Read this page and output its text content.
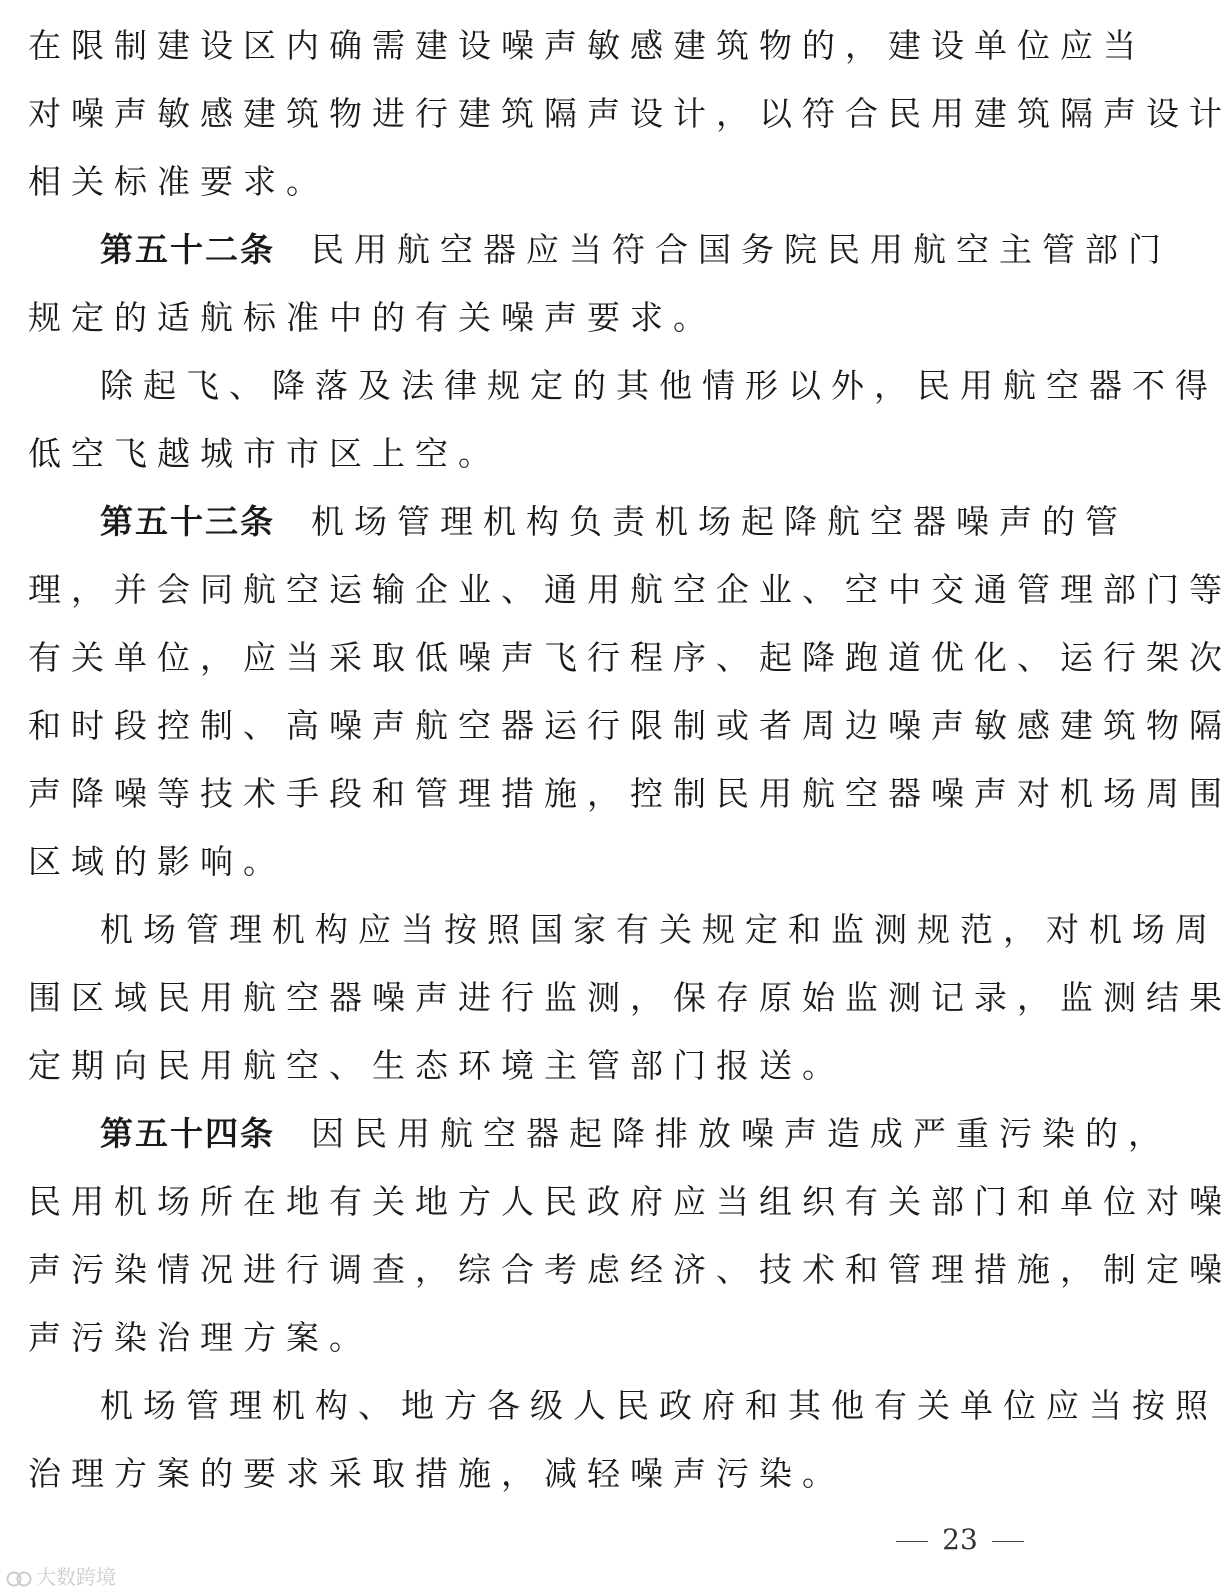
在限制建设区内确需建设噪声敏感建筑物的，建设单位应当
对噪声敏感建筑物进行建筑隔声设计，以符合民用建筑隔声设计
相关标准要求。
第五十二条 民用航空器应当符合国务院民用航空主管部门
规定的适航标准中的有关噪声要求。
除起飞、降落及法律规定的其他情形以外，民用航空器不得
低空飞越城市市区上空。
第五十三条 机场管理机构负责机场起降航空器噪声的管
理，并会同航空运输企业、通用航空企业、空中交通管理部门等
有关单位，应当采取低噪声飞行程序、起降跑道优化、运行架次
和时段控制、高噪声航空器运行限制或者周边噪声敏感建筑物隔
声降噪等技术手段和管理措施，控制民用航空器噪声对机场周围
区域的影响。
机场管理机构应当按照国家有关规定和监测规范，对机场周
围区域民用航空器噪声进行监测，保存原始监测记录，监测结果
定期向民用航空、生态环境主管部门报送。
第五十四条 因民用航空器起降排放噪声造成严重污染的，
民用机场所在地有关地方人民政府应当组织有关部门和单位对噪
声污染情况进行调查，综合考虑经济、技术和管理措施，制定噪
声污染治理方案。
机场管理机构、地方各级人民政府和其他有关单位应当按照
治理方案的要求采取措施，减轻噪声污染。
23
大数跨境
